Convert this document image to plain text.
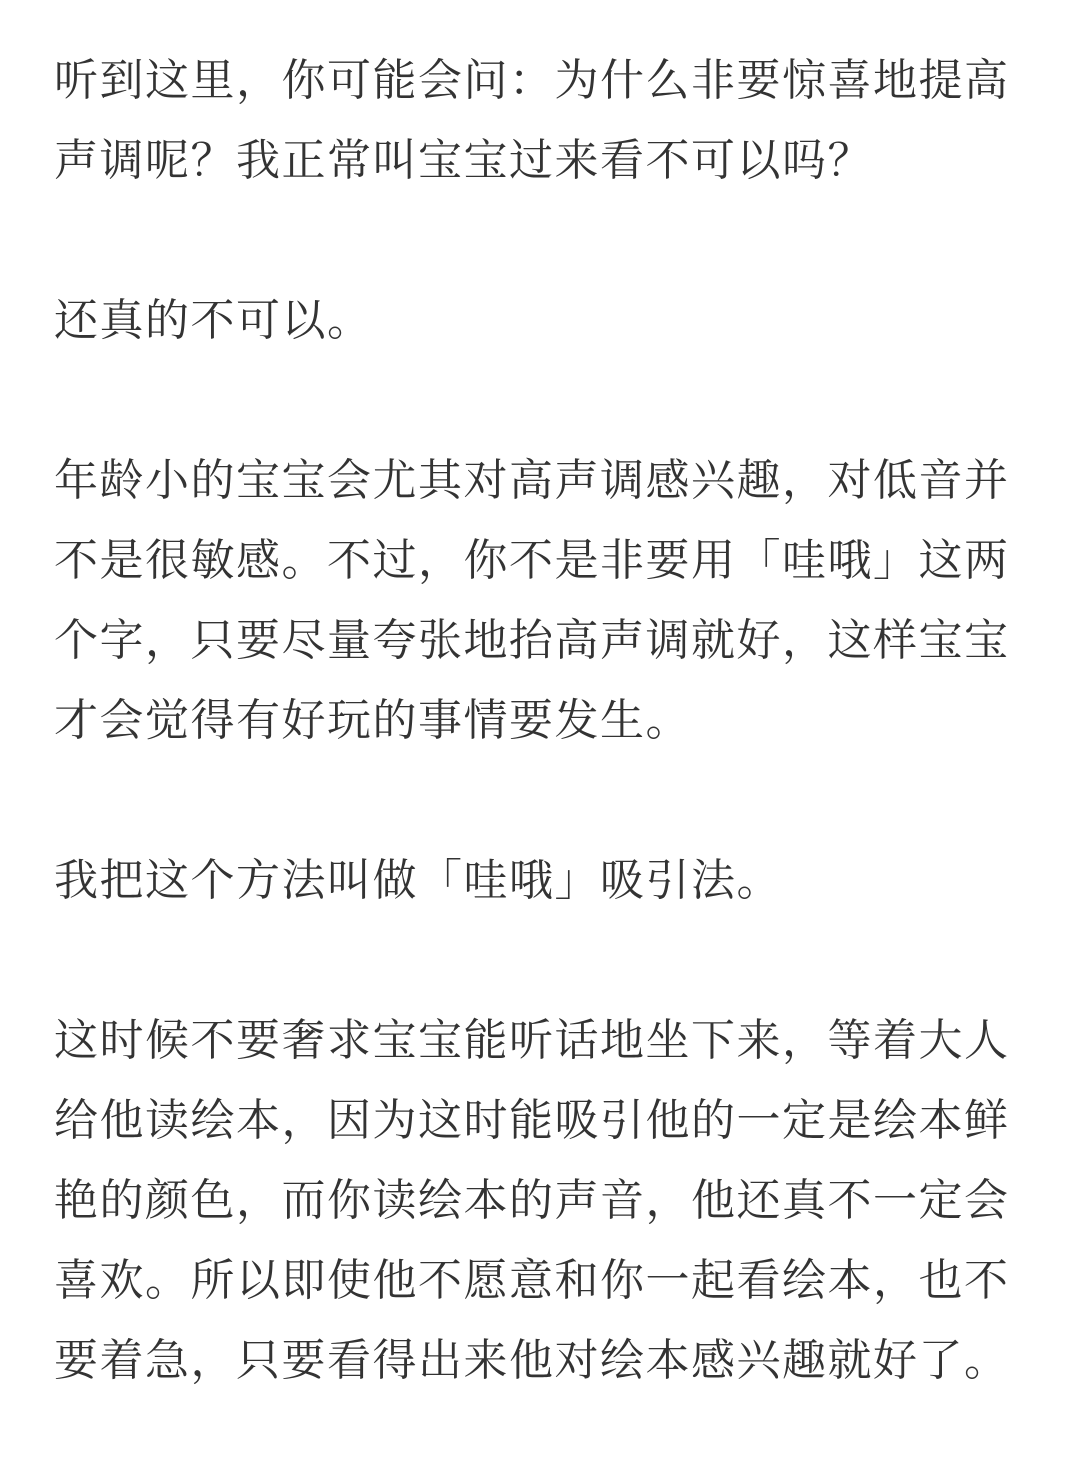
听到这里，你可能会问：为什么非要惊喜地提高
声调呢？我正常叫宝宝过来看不可以吗？
还真的不可以。
年龄小的宝宝会尤其对高声调感兴趣，对低音并
不是很敏感。不过，你不是非要用「哇哦」这两
个字，只要尽量夸张地抬高声调就好，这样宝宝
才会觉得有好玩的事情要发生。
我把这个方法叫做「哇哦」吸引法。
这时候不要奢求宝宝能听话地坐下来，等着大人
给他读绘本，因为这时能吸引他的一定是绘本鲜
艳的颜色，而你读绘本的声音，他还真不一定会
喜欢。所以即使他不愿意和你一起看绘本，也不
要着急，只要看得出来他对绘本感兴趣就好了。
